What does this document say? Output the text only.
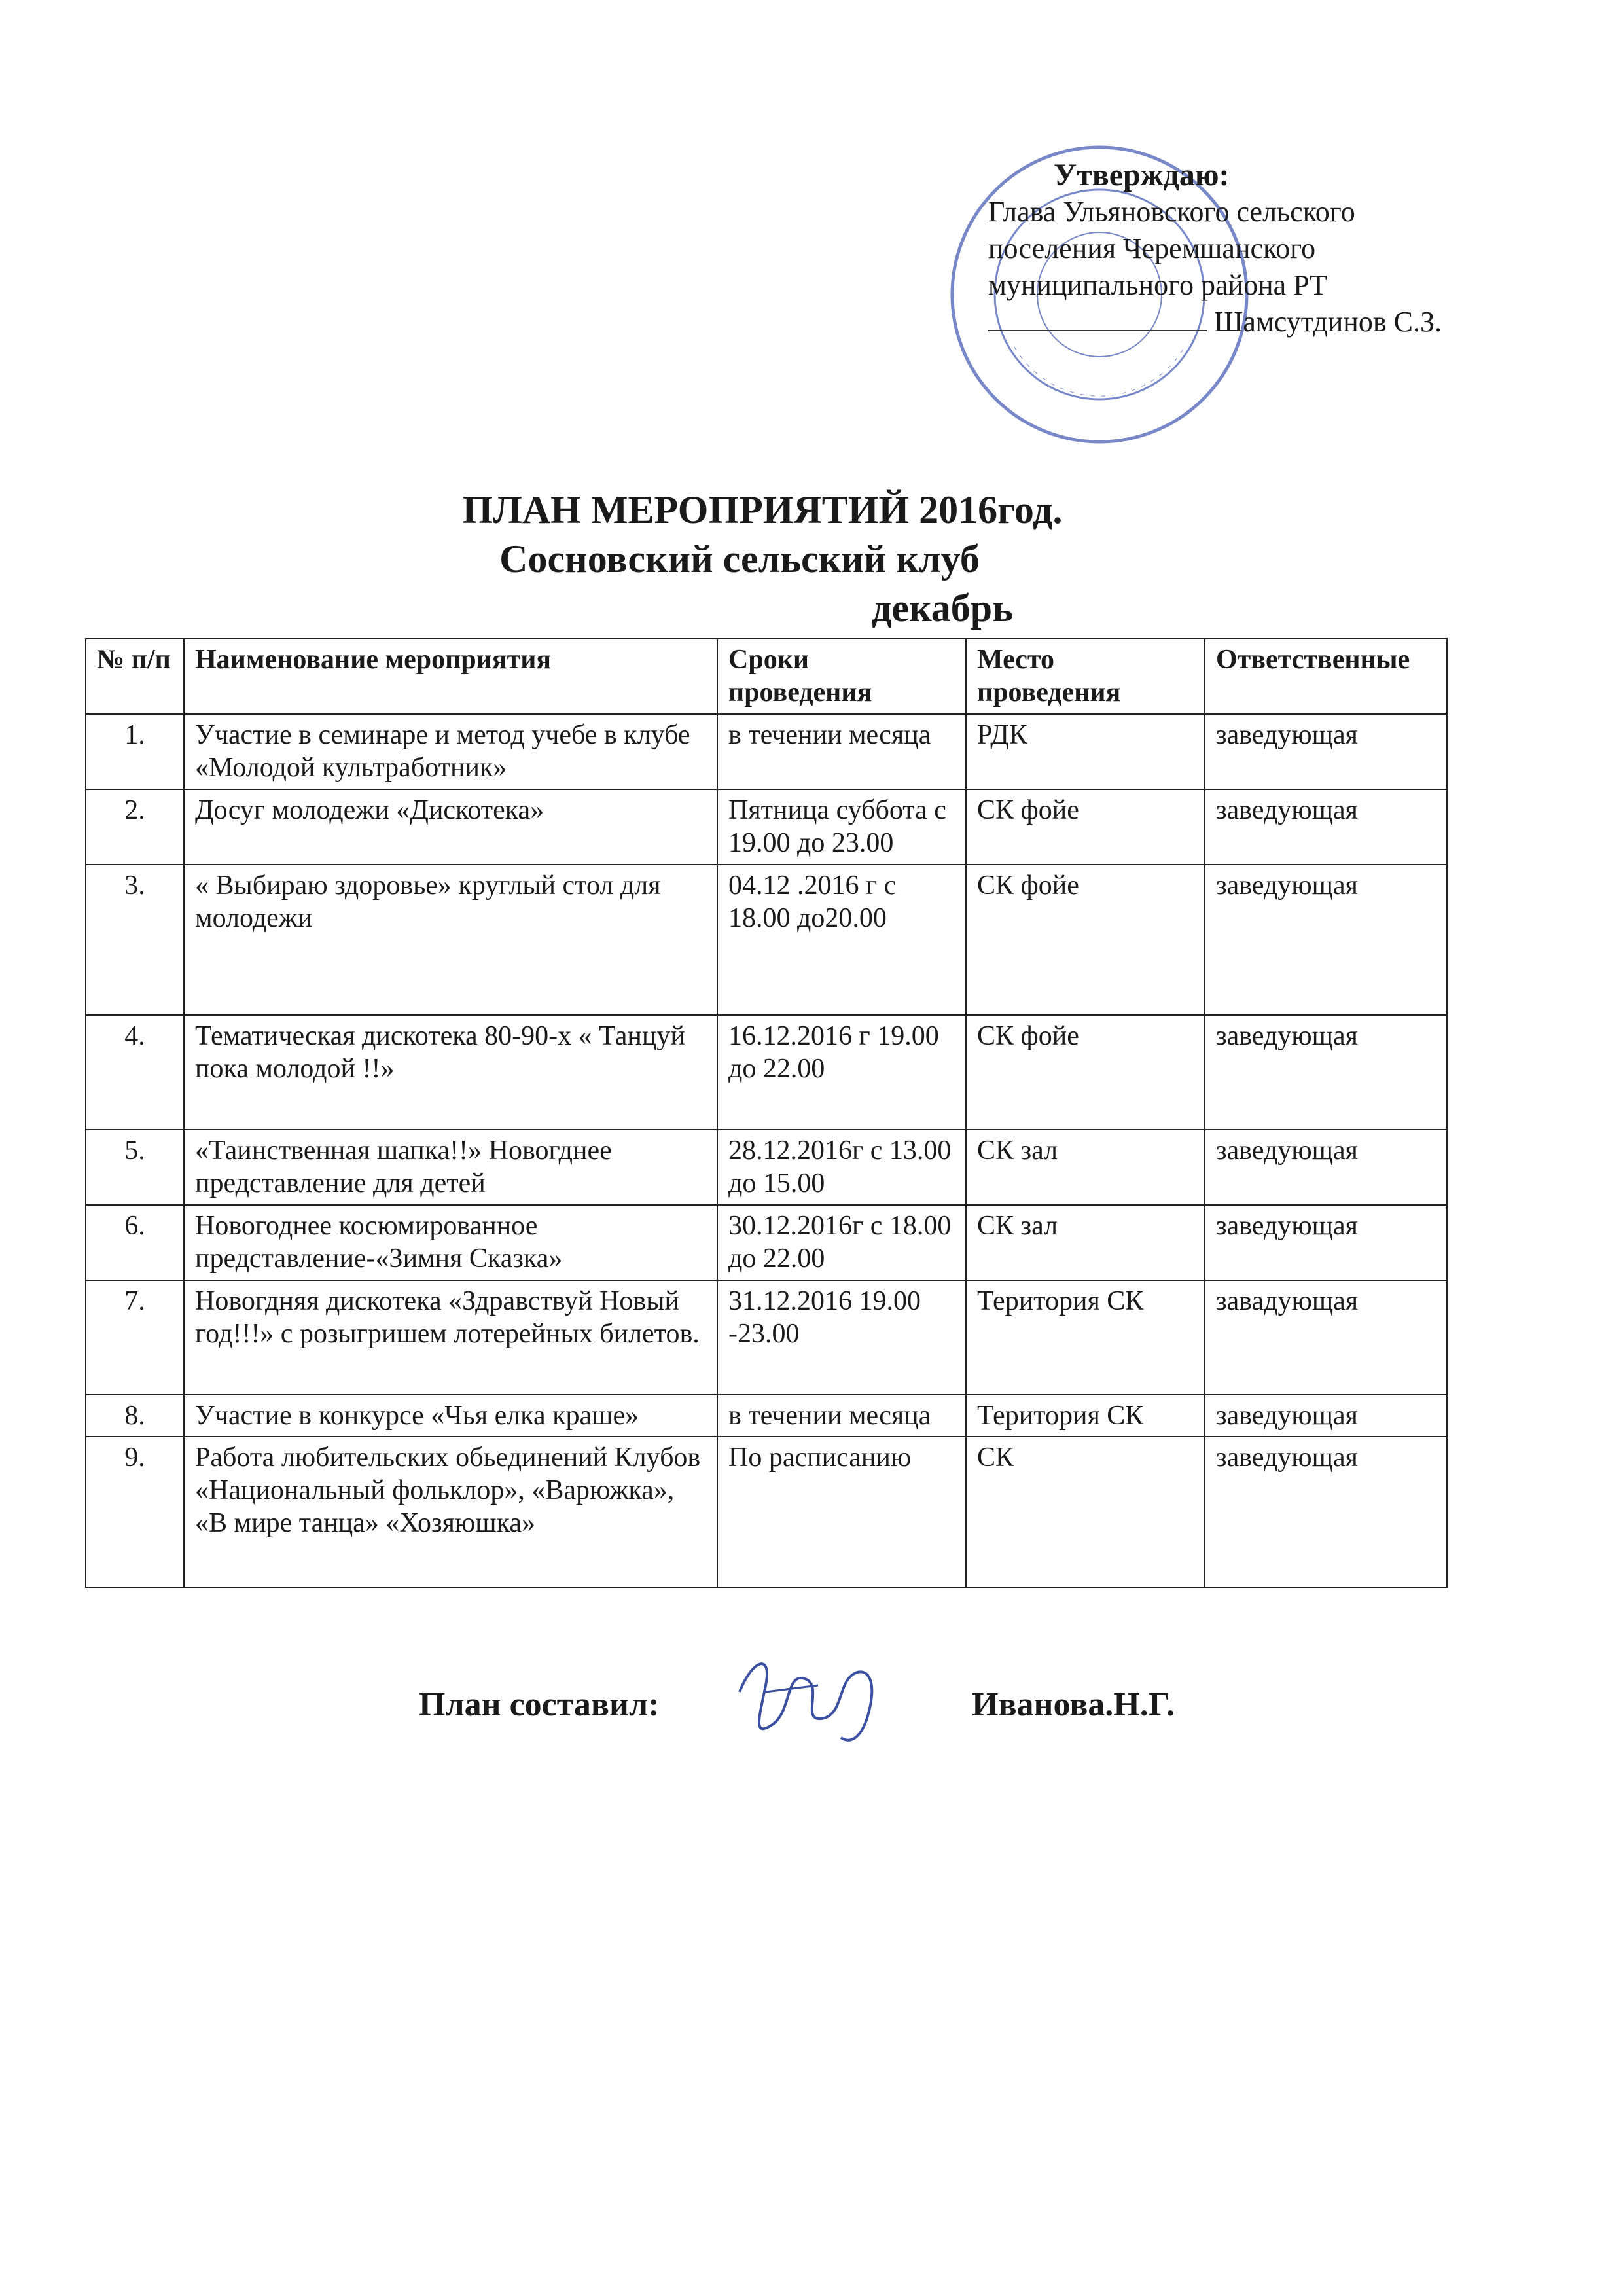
Утверждаю:
Глава Ульяновского сельского
поселения Черемшанского
муниципального района РТ
Шамсутдинов С.З.
ПЛАН МЕРОПРИЯТИЙ 2016год.
Сосновский сельский клуб
декабрь
№ п/п	Наименование мероприятия	Сроки проведения	Место проведения	Ответственные
1.	Участие в семинаре и метод учебе в клубе «Молодой культработник»	в течении месяца	РДК	заведующая
2.	Досуг молодежи «Дискотека»	Пятница суббота с 19.00 до 23.00	СК фойе	заведующая
3.	« Выбираю здоровье» круглый стол для молодежи	04.12 .2016 г с 18.00 до20.00	СК фойе	заведующая
4.	Тематическая дискотека 80-90-х « Танцуй пока молодой !!»	16.12.2016 г 19.00 до 22.00	СК фойе	заведующая
5.	«Таинственная шапка!!» Новогднее представление для детей	28.12.2016г с 13.00 до 15.00	СК зал	заведующая
6.	Новогоднее косюмированное представление-«Зимня Сказка»	30.12.2016г с 18.00 до 22.00	СК зал	заведующая
7.	Новогдняя дискотека «Здравствуй Новый год!!!» с розыгришем лотерейных билетов.	31.12.2016 19.00 -23.00	Територия СК	завадующая
8.	Участие в конкурсе «Чья елка краше»	в течении месяца	Територия СК	заведующая
9.	Работа любительских обьединений Клубов «Национальный фольклор», «Варюжка», «В мире танца» «Хозяюшка»	По расписанию	СК	заведующая
План составил:	Иванова.Н.Г.
